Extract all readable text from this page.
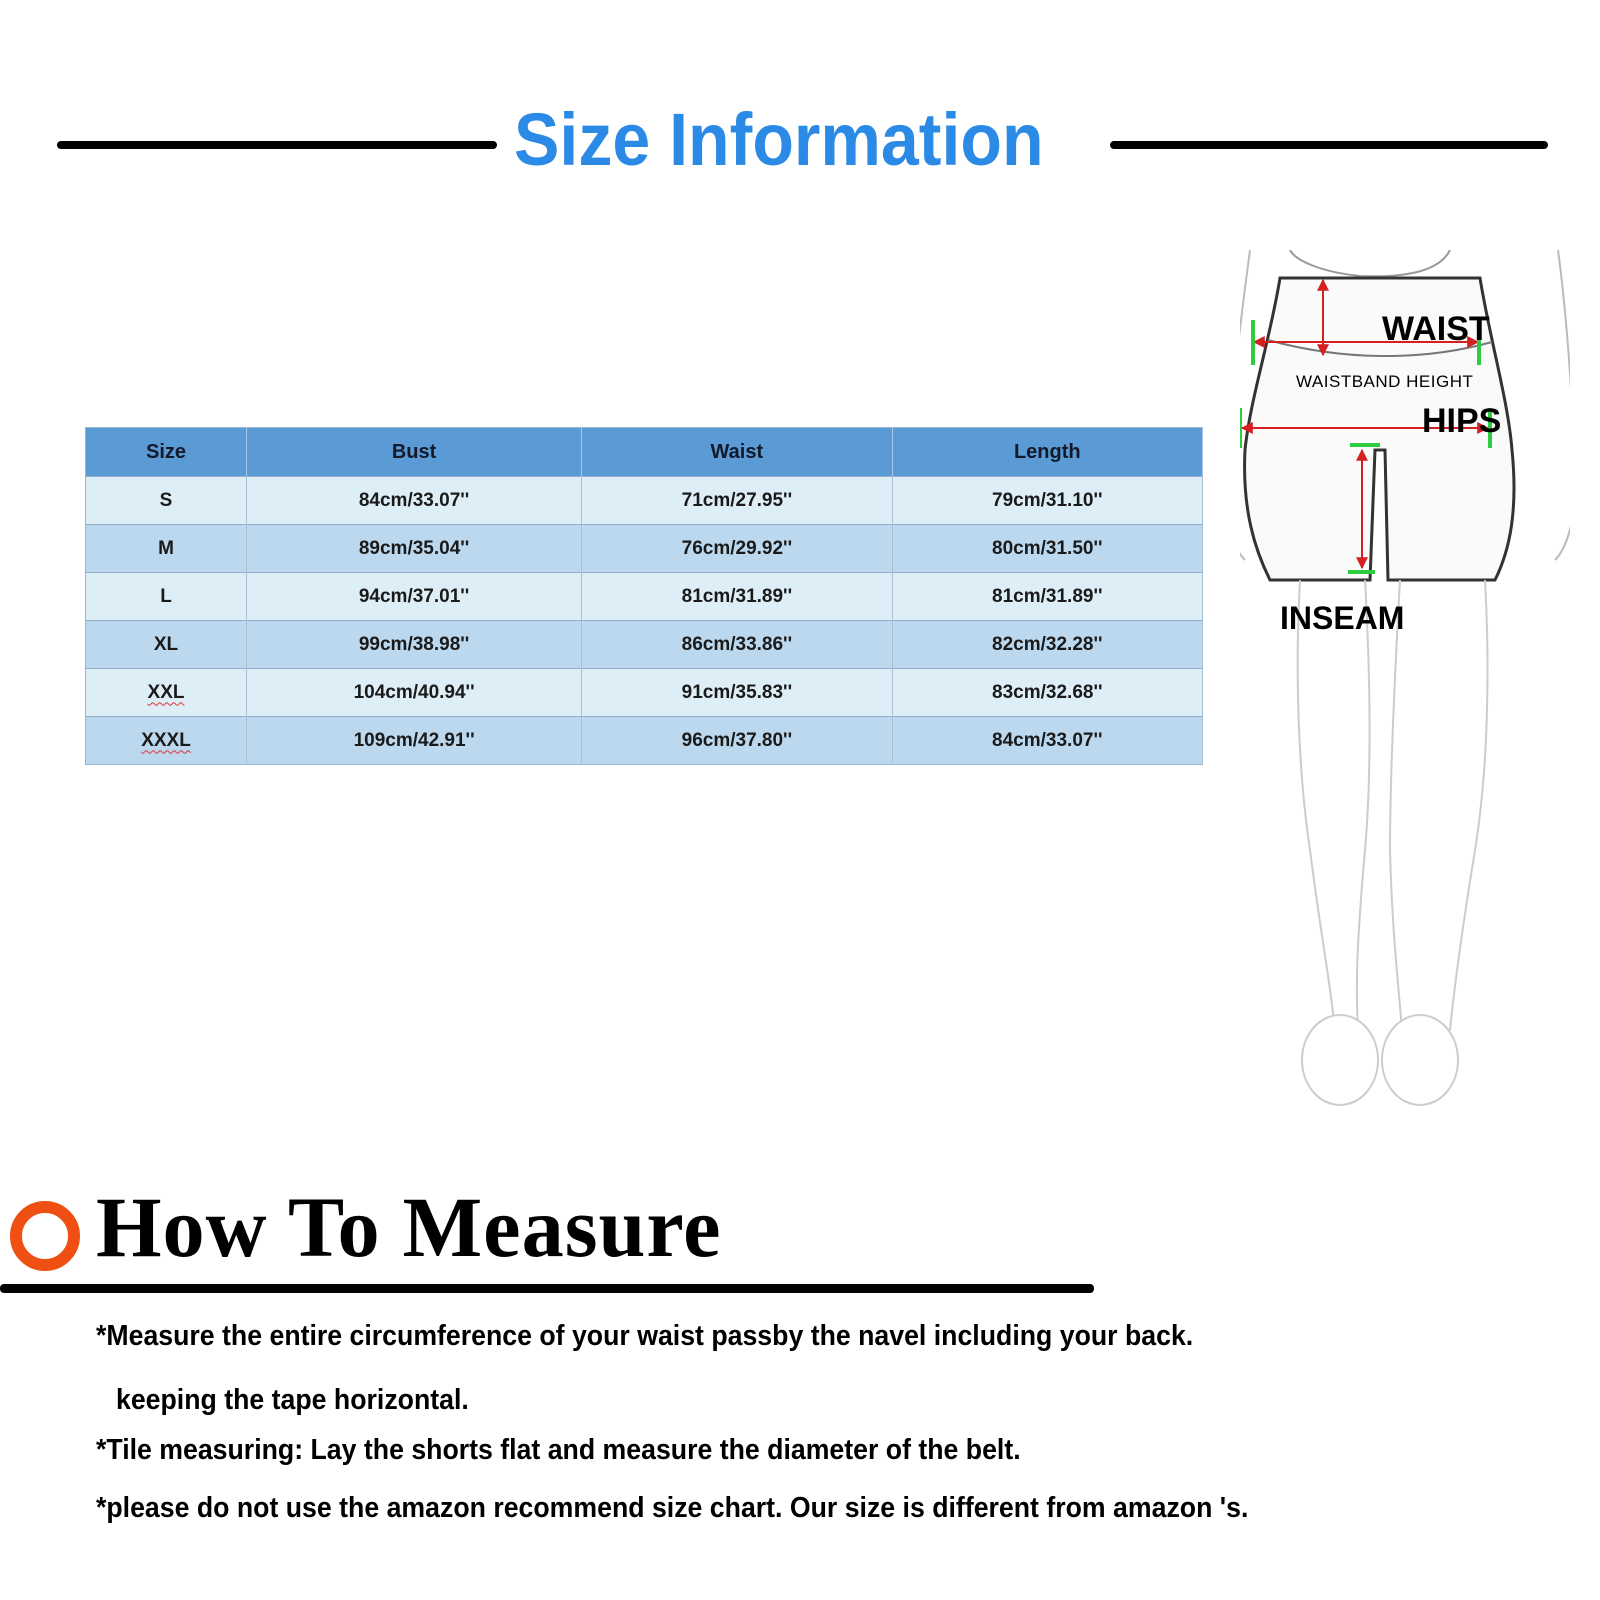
Size Information
Size	Bust	Waist	Length
S	84cm/33.07''	71cm/27.95''	79cm/31.10''
M	89cm/35.04''	76cm/29.92''	80cm/31.50''
L	94cm/37.01''	81cm/31.89''	81cm/31.89''
XL	99cm/38.98''	86cm/33.86''	82cm/32.28''
XXL	104cm/40.94''	91cm/35.83''	83cm/32.68''
XXXL	109cm/42.91''	96cm/37.80''	84cm/33.07''
WAIST
WAISTBAND HEIGHT
HIPS
INSEAM
How To Measure
*Measure the entire circumference of your waist passby the navel including your back.
keeping the tape horizontal.
*Tile measuring: Lay the shorts flat and measure the diameter of the belt.
*please do not use the amazon recommend size chart. Our size is different from amazon 's.
